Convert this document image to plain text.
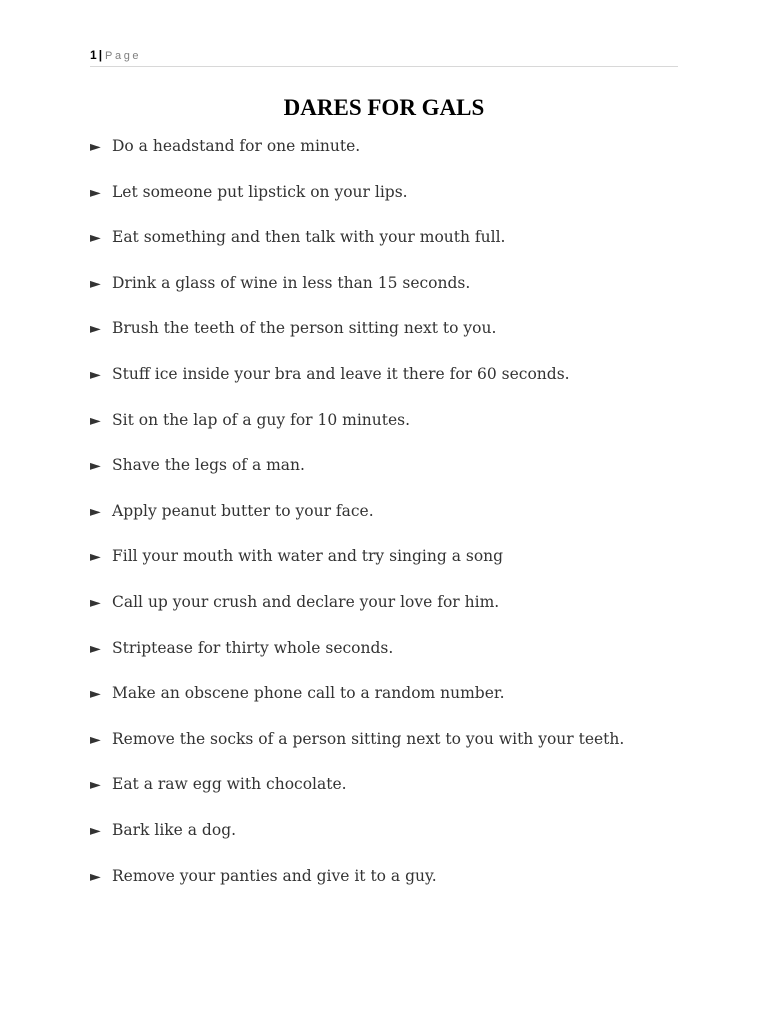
1 | Page
DARES FOR GALS
► Do a headstand for one minute.
► Let someone put lipstick on your lips.
► Eat something and then talk with your mouth full.
► Drink a glass of wine in less than 15 seconds.
► Brush the teeth of the person sitting next to you.
► Stuff ice inside your bra and leave it there for 60 seconds.
► Sit on the lap of a guy for 10 minutes.
► Shave the legs of a man.
► Apply peanut butter to your face.
► Fill your mouth with water and try singing a song
► Call up your crush and declare your love for him.
► Striptease for thirty whole seconds.
► Make an obscene phone call to a random number.
► Remove the socks of a person sitting next to you with your teeth.
► Eat a raw egg with chocolate.
► Bark like a dog.
► Remove your panties and give it to a guy.
